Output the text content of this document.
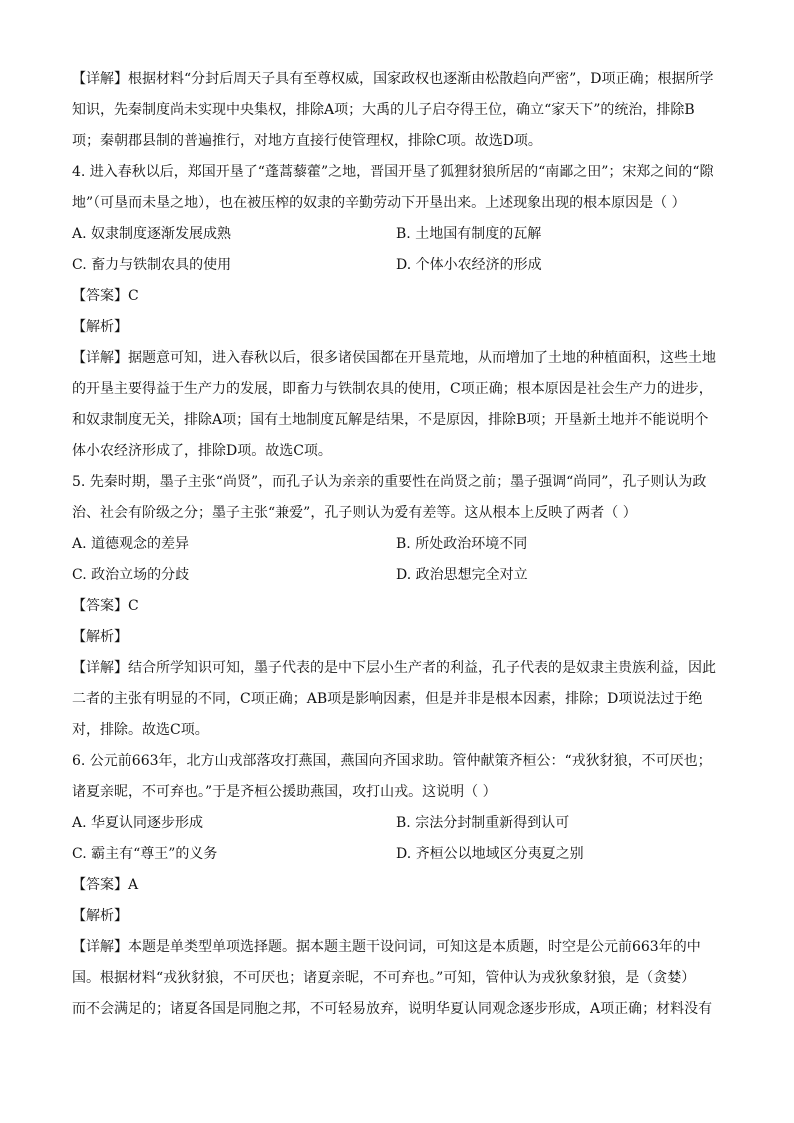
【详解】根据材料“分封后周天子具有至尊权威，国家政权也逐渐由松散趋向严密”，D项正确；根据所学
知识，先秦制度尚未实现中央集权，排除A项；大禹的儿子启夺得王位，确立“家天下”的统治，排除B
项；秦朝郡县制的普遍推行，对地方直接行使管理权，排除C项。故选D项。
4. 进入春秋以后，郑国开垦了“蓬蒿藜藿”之地，晋国开垦了狐狸豺狼所居的“南鄙之田”；宋郑之间的“隙
地”（可垦而未垦之地），也在被压榨的奴隶的辛勤劳动下开垦出来。上述现象出现的根本原因是（ ）
A. 奴隶制度逐渐发展成熟	B. 土地国有制度的瓦解
C. 畜力与铁制农具的使用	D. 个体小农经济的形成
【答案】C
【解析】
【详解】据题意可知，进入春秋以后，很多诸侯国都在开垦荒地，从而增加了土地的种植面积，这些土地
的开垦主要得益于生产力的发展，即畜力与铁制农具的使用，C项正确；根本原因是社会生产力的进步，
和奴隶制度无关，排除A项；国有土地制度瓦解是结果，不是原因，排除B项；开垦新土地并不能说明个
体小农经济形成了，排除D项。故选C项。
5. 先秦时期，墨子主张“尚贤”，而孔子认为亲亲的重要性在尚贤之前；墨子强调“尚同”，孔子则认为政
治、社会有阶级之分；墨子主张“兼爱”，孔子则认为爱有差等。这从根本上反映了两者（ ）
A. 道德观念的差异	B. 所处政治环境不同
C. 政治立场的分歧	D. 政治思想完全对立
【答案】C
【解析】
【详解】结合所学知识可知，墨子代表的是中下层小生产者的利益，孔子代表的是奴隶主贵族利益，因此
二者的主张有明显的不同，C项正确；AB项是影响因素，但是并非是根本因素，排除；D项说法过于绝
对，排除。故选C项。
6. 公元前663年，北方山戎部落攻打燕国，燕国向齐国求助。管仲献策齐桓公：“戎狄豺狼，不可厌也；
诸夏亲昵，不可弃也。”于是齐桓公援助燕国，攻打山戎。这说明（ ）
A. 华夏认同逐步形成	B. 宗法分封制重新得到认可
C. 霸主有“尊王”的义务	D. 齐桓公以地域区分夷夏之别
【答案】A
【解析】
【详解】本题是单类型单项选择题。据本题主题干设问词，可知这是本质题，时空是公元前663年的中
国。根据材料“戎狄豺狼，不可厌也；诸夏亲昵，不可弃也。”可知，管仲认为戎狄象豺狼，是（贪婪）
而不会满足的；诸夏各国是同胞之邦，不可轻易放弃，说明华夏认同观念逐步形成，A项正确；材料没有
